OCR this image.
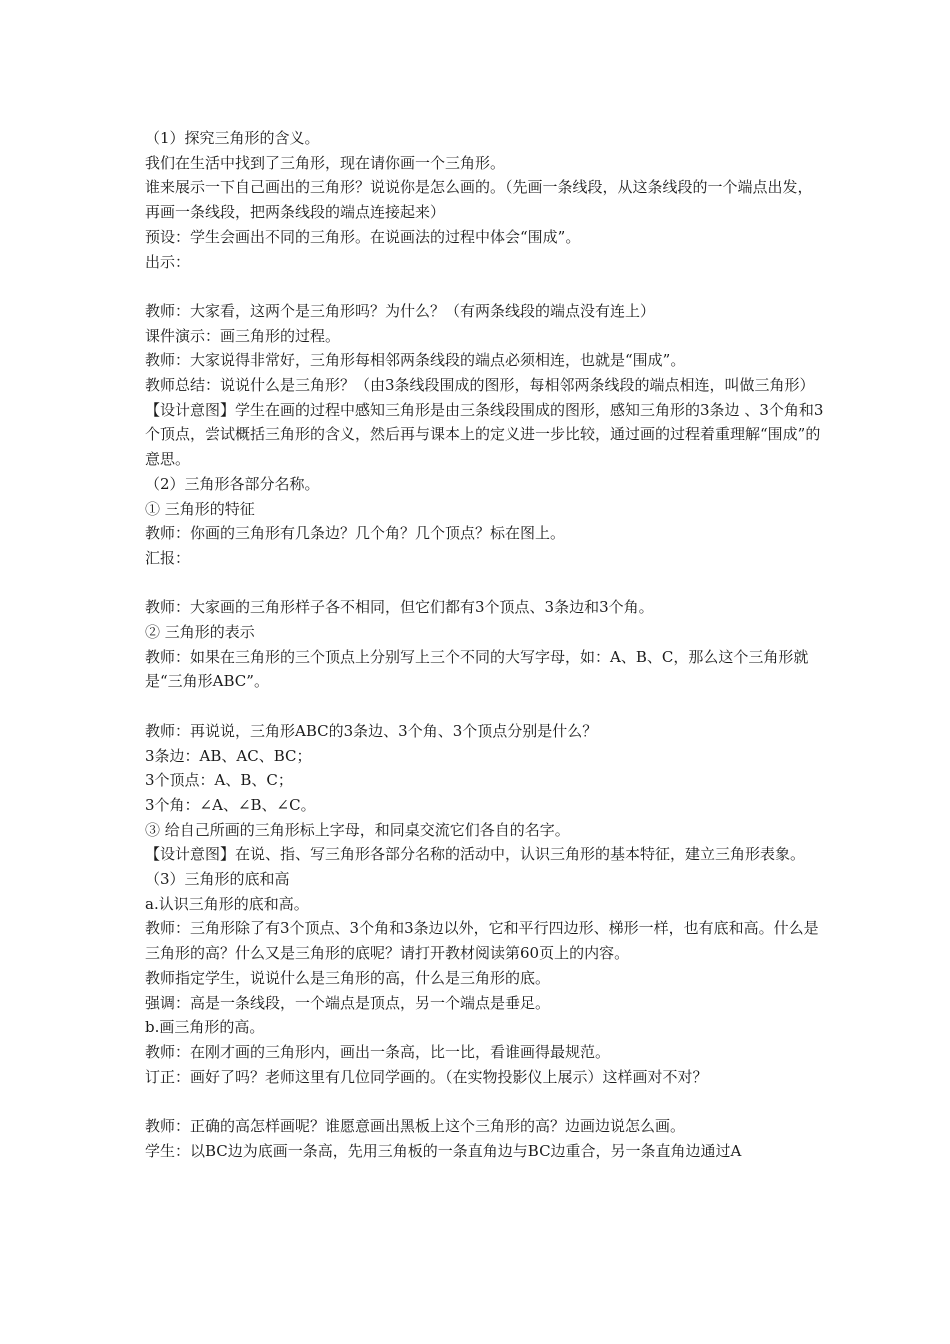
（1）探究三角形的含义。

我们在生活中找到了三角形，现在请你画一个三角形。

谁来展示一下自己画出的三角形？说说你是怎么画的。（先画一条线段，从这条线段的一个端点出发，再画一条线段，把两条线段的端点连接起来）

预设：学生会画出不同的三角形。在说画法的过程中体会“围成”。

出示：

教师：大家看，这两个是三角形吗？为什么？（有两条线段的端点没有连上）

课件演示：画三角形的过程。

教师：大家说得非常好，三角形每相邻两条线段的端点必须相连，也就是“围成”。

教师总结：说说什么是三角形？（由3条线段围成的图形，每相邻两条线段的端点相连，叫做三角形）

【设计意图】学生在画的过程中感知三角形是由三条线段围成的图形，感知三角形的3条边 、3个角和3个顶点，尝试概括三角形的含义，然后再与课本上的定义进一步比较，通过画的过程着重理解“围成”的意思。

（2）三角形各部分名称。

① 三角形的特征

教师：你画的三角形有几条边？几个角？几个顶点？标在图上。

汇报：

教师：大家画的三角形样子各不相同，但它们都有3个顶点、3条边和3个角。

② 三角形的表示

教师：如果在三角形的三个顶点上分别写上三个不同的大写字母，如：A、B、C，那么这个三角形就是“三角形ABC”。

教师：再说说，三角形ABC的3条边、3个角、3个顶点分别是什么？

3条边：AB、AC、BC；

3个顶点：A、B、C；

3个角：∠A、∠B、∠C。

③ 给自己所画的三角形标上字母，和同桌交流它们各自的名字。

【设计意图】在说、指、写三角形各部分名称的活动中，认识三角形的基本特征，建立三角形表象。

（3）三角形的底和高

a.认识三角形的底和高。

教师：三角形除了有3个顶点、3个角和3条边以外，它和平行四边形、梯形一样，也有底和高。什么是三角形的高？什么又是三角形的底呢？请打开教材阅读第60页上的内容。

教师指定学生，说说什么是三角形的高，什么是三角形的底。

强调：高是一条线段，一个端点是顶点，另一个端点是垂足。

b.画三角形的高。

教师：在刚才画的三角形内，画出一条高，比一比，看谁画得最规范。

订正：画好了吗？老师这里有几位同学画的。（在实物投影仪上展示）这样画对不对？

教师：正确的高怎样画呢？谁愿意画出黑板上这个三角形的高？边画边说怎么画。

学生：以BC边为底画一条高，先用三角板的一条直角边与BC边重合，另一条直角边通过A
